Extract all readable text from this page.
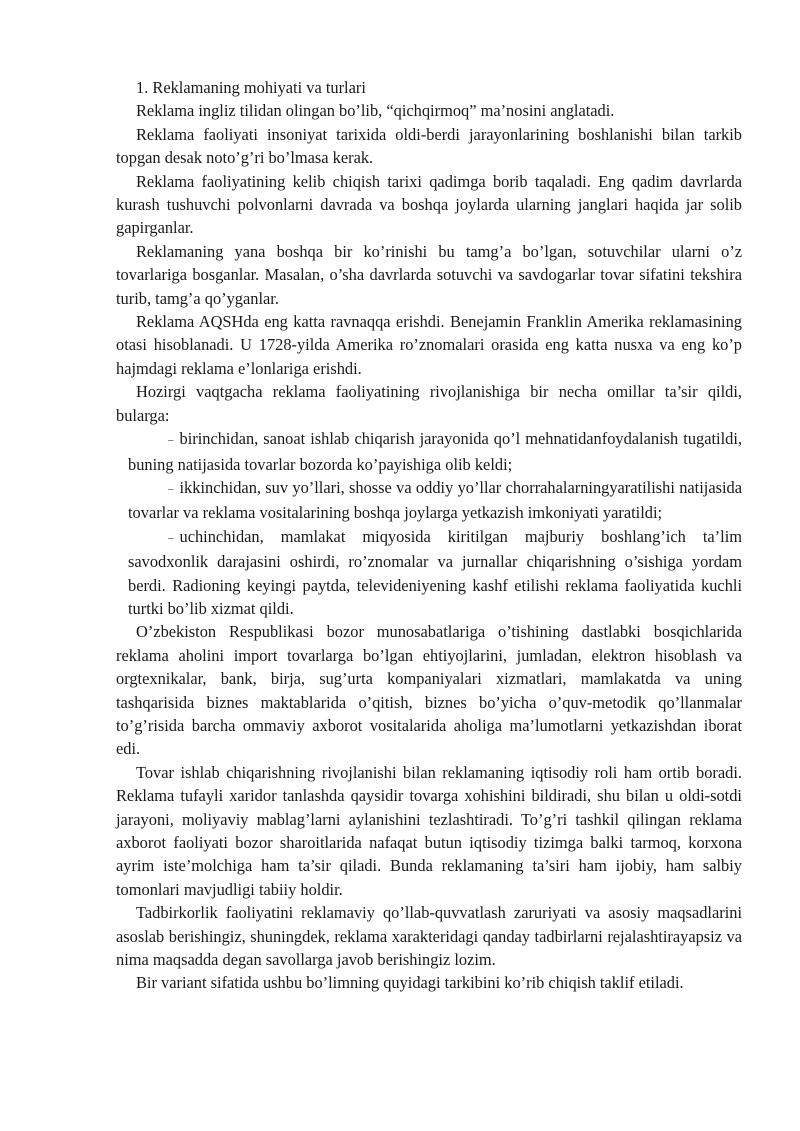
1. Reklamaning mohiyati va turlari

Reklama ingliz tilidan olingan bo’lib, “qichqirmoq” ma’nosini anglatadi.

Reklama faoliyati insoniyat tarixida oldi-berdi jarayonlarining boshlanishi bilan tarkib topgan desak noto’g’ri bo’lmasa kerak.

Reklama faoliyatining kelib chiqish tarixi qadimga borib taqaladi. Eng qadim davrlarda kurash tushuvchi polvonlarni davrada va boshqa joylarda ularning janglari haqida jar solib gapirganlar.

Reklamaning yana boshqa bir ko’rinishi bu tamg’a bo’lgan, sotuvchilar ularni o’z tovarlariga bosganlar. Masalan, o’sha davrlarda sotuvchi va savdogarlar tovar sifatini tekshira turib, tamg’a qo’yganlar.

Reklama AQSHda eng katta ravnaqqa erishdi. Benejamin Franklin Amerika reklamasining otasi hisoblanadi. U 1728-yilda Amerika ro’znomalari orasida eng katta nusxa va eng ko’p hajmdagi reklama e’lonlariga erishdi.

Hozirgi vaqtgacha reklama faoliyatining rivojlanishiga bir necha omillar ta’sir qildi, bularga:

– birinchidan, sanoat ishlab chiqarish jarayonida qo’l mehnatidanfoydalanish tugatildi, buning natijasida tovarlar bozorda ko’payishiga olib keldi;

– ikkinchidan, suv yo’llari, shosse va oddiy yo’llar chorrahalarningyaratilishi natijasida tovarlar va reklama vositalarining boshqa joylarga yetkazish imkoniyati yaratildi;

– uchinchidan, mamlakat miqyosida kiritilgan majburiy boshlang’ich ta’lim savodxonlik darajasini oshirdi, ro’znomalar va jurnallar chiqarishning o’sishiga yordam berdi. Radioning keyingi paytda, televideniyening kashf etilishi reklama faoliyatida kuchli turtki bo’lib xizmat qildi.

O’zbekiston Respublikasi bozor munosabatlariga o’tishining dastlabki bosqichlarida reklama aholini import tovarlarga bo’lgan ehtiyojlarini, jumladan, elektron hisoblash va orgtexnikalar, bank, birja, sug’urta kompaniyalari xizmatlari, mamlakatda va uning tashqarisida biznes maktablarida o’qitish, biznes bo’yicha o’quv-metodik qo’llanmalar to’g’risida barcha ommaviy axborot vositalarida aholiga ma’lumotlarni yetkazishdan iborat edi.

Tovar ishlab chiqarishning rivojlanishi bilan reklamaning iqtisodiy roli ham ortib boradi. Reklama tufayli xaridor tanlashda qaysidir tovarga xohishini bildiradi, shu bilan u oldi-sotdi jarayoni, moliyaviy mablag’larni aylanishini tezlashtiradi. To’g’ri tashkil qilingan reklama axborot faoliyati bozor sharoitlarida nafaqat butun iqtisodiy tizimga balki tarmoq, korxona ayrim iste’molchiga ham ta’sir qiladi. Bunda reklamaning ta’siri ham ijobiy, ham salbiy tomonlari mavjudligi tabiiy holdir.

Tadbirkorlik faoliyatini reklamaviy qo’llab-quvvatlash zaruriyati va asosiy maqsadlarini asoslab berishingiz, shuningdek, reklama xarakteridagi qanday tadbirlarni rejalashtirayapsiz va nima maqsadda degan savollarga javob berishingiz lozim.

Bir variant sifatida ushbu bo’limning quyidagi tarkibini ko’rib chiqish taklif etiladi.
